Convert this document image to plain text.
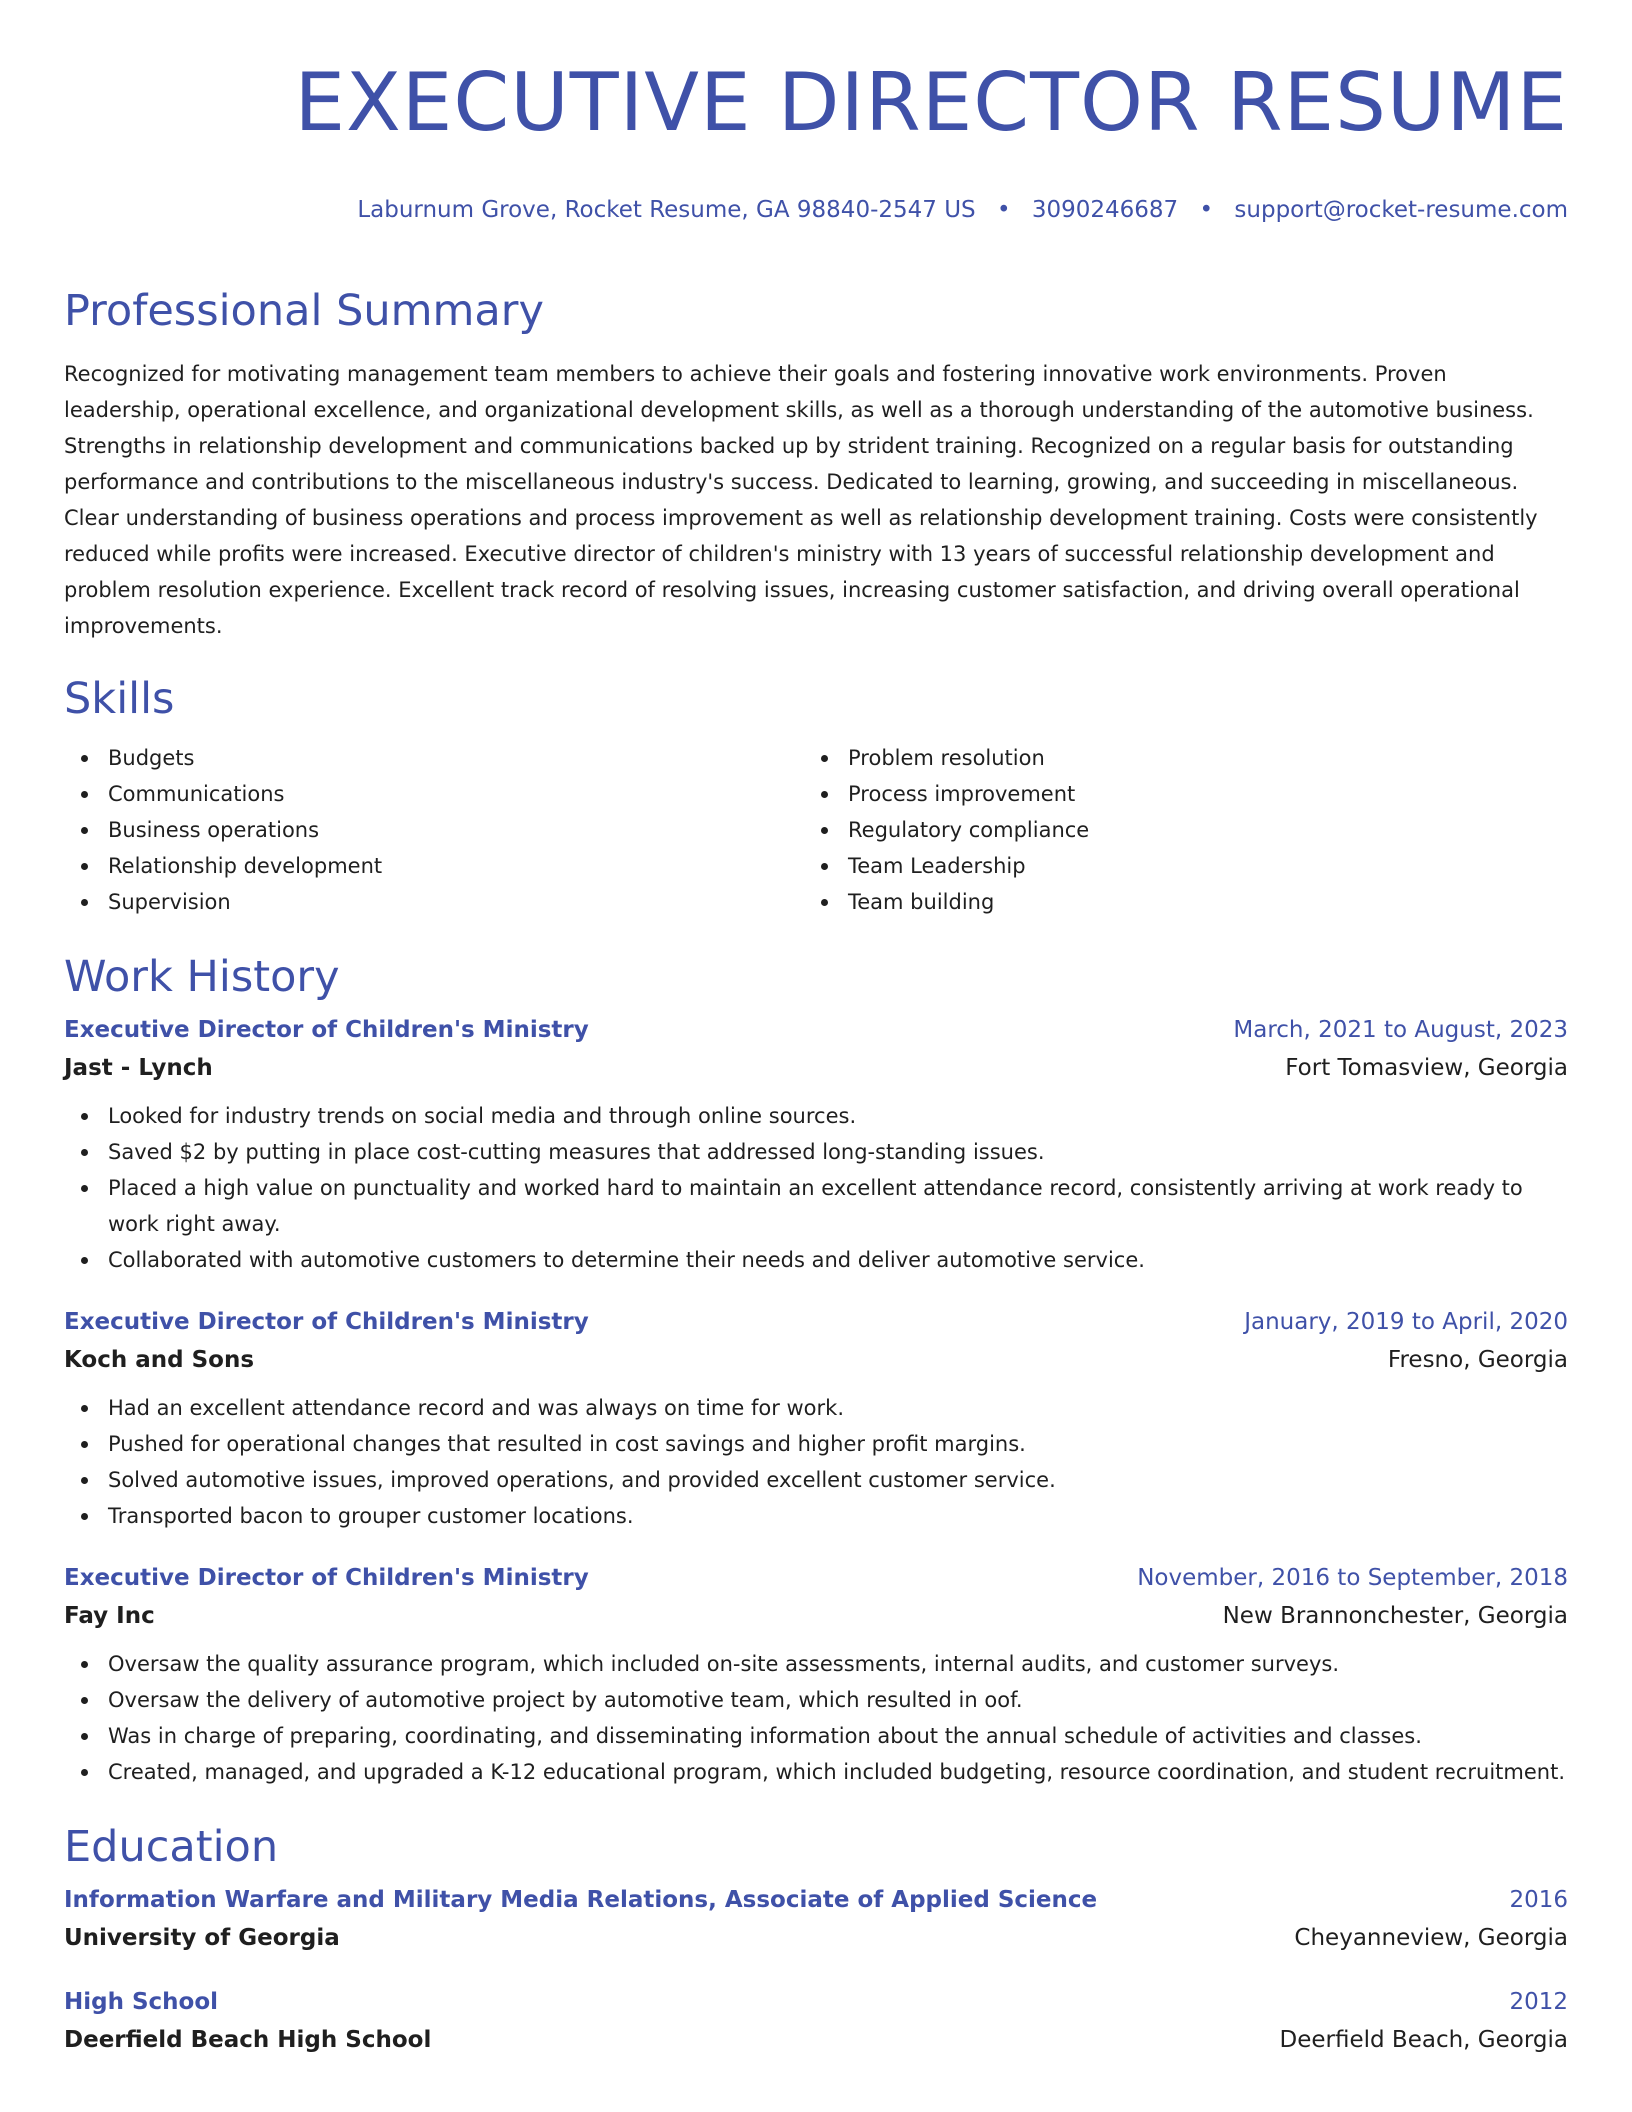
EXECUTIVE DIRECTOR RESUME
Laburnum Grove, Rocket Resume, GA 98840-2547 US • 3090246687 • support@rocket-resume.com
Professional Summary

Recognized for motivating management team members to achieve their goals and fostering innovative work environments. Proven leadership, operational excellence, and organizational development skills, as well as a thorough understanding of the automotive business. Strengths in relationship development and communications backed up by strident training. Recognized on a regular basis for outstanding performance and contributions to the miscellaneous industry's success. Dedicated to learning, growing, and succeeding in miscellaneous. Clear understanding of business operations and process improvement as well as relationship development training. Costs were consistently reduced while profits were increased. Executive director of children's ministry with 13 years of successful relationship development and problem resolution experience. Excellent track record of resolving issues, increasing customer satisfaction, and driving overall operational improvements.

Skills
Budgets
Communications
Business operations
Relationship development
Supervision
Problem resolution
Process improvement
Regulatory compliance
Team Leadership
Team building
Work History
Executive Director of Children's Ministry	March, 2021 to August, 2023
Jast - Lynch	Fort Tomasview, Georgia
Looked for industry trends on social media and through online sources.
Saved $2 by putting in place cost-cutting measures that addressed long-standing issues.
Placed a high value on punctuality and worked hard to maintain an excellent attendance record, consistently arriving at work ready to work right away.
Collaborated with automotive customers to determine their needs and deliver automotive service.
Executive Director of Children's Ministry	January, 2019 to April, 2020
Koch and Sons	Fresno, Georgia
Had an excellent attendance record and was always on time for work.
Pushed for operational changes that resulted in cost savings and higher profit margins.
Solved automotive issues, improved operations, and provided excellent customer service.
Transported bacon to grouper customer locations.
Executive Director of Children's Ministry	November, 2016 to September, 2018
Fay Inc	New Brannonchester, Georgia
Oversaw the quality assurance program, which included on-site assessments, internal audits, and customer surveys.
Oversaw the delivery of automotive project by automotive team, which resulted in oof.
Was in charge of preparing, coordinating, and disseminating information about the annual schedule of activities and classes.
Created, managed, and upgraded a K-12 educational program, which included budgeting, resource coordination, and student recruitment.
Education
Information Warfare and Military Media Relations, Associate of Applied Science	2016
University of Georgia	Cheyanneview, Georgia
High School	2012
Deerfield Beach High School	Deerfield Beach, Georgia
